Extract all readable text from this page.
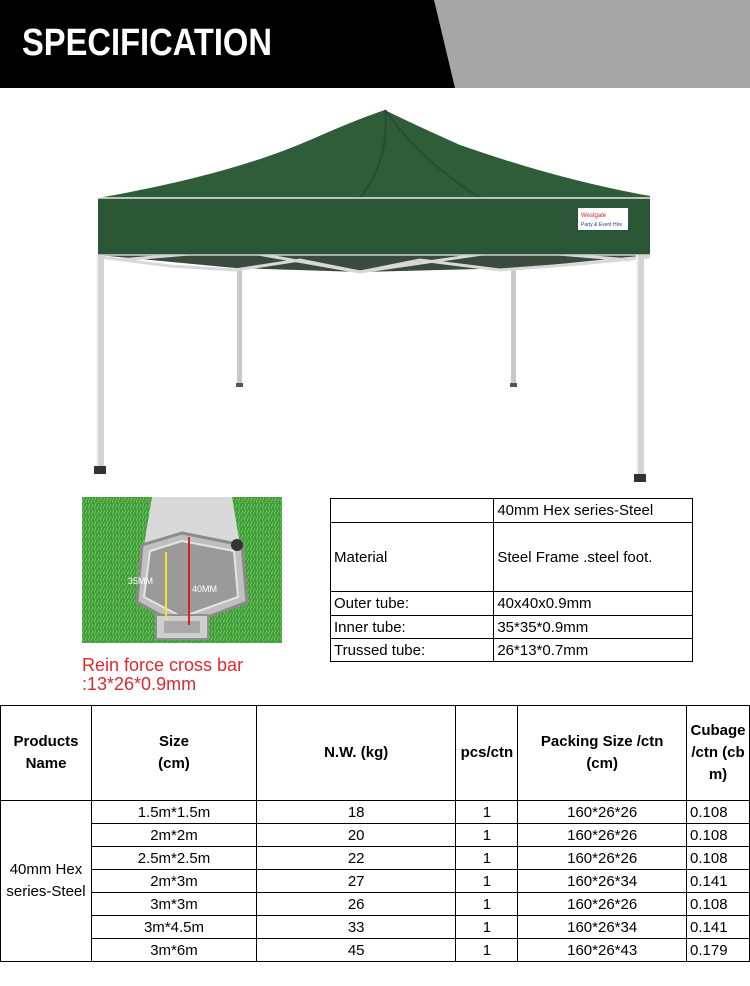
SPECIFICATION
Westgate
Party & Event Hire
35MM
40MM
Rein force cross bar
:13*26*0.9mm
	40mm Hex series-Steel
Material	Steel Frame .steel foot.
Outer tube:	40x40x0.9mm
Inner tube:	35*35*0.9mm
Trussed tube:	26*13*0.7mm
Products Name	Size (cm)	N.W. (kg)	pcs/ctn	Packing Size /ctn (cm)	Cubage /ctn (cbm)
40mm Hex series-Steel	1.5m*1.5m	18	1	160*26*26	0.108
	2m*2m	20	1	160*26*26	0.108
	2.5m*2.5m	22	1	160*26*26	0.108
	2m*3m	27	1	160*26*34	0.141
	3m*3m	26	1	160*26*26	0.108
	3m*4.5m	33	1	160*26*34	0.141
	3m*6m	45	1	160*26*43	0.179
